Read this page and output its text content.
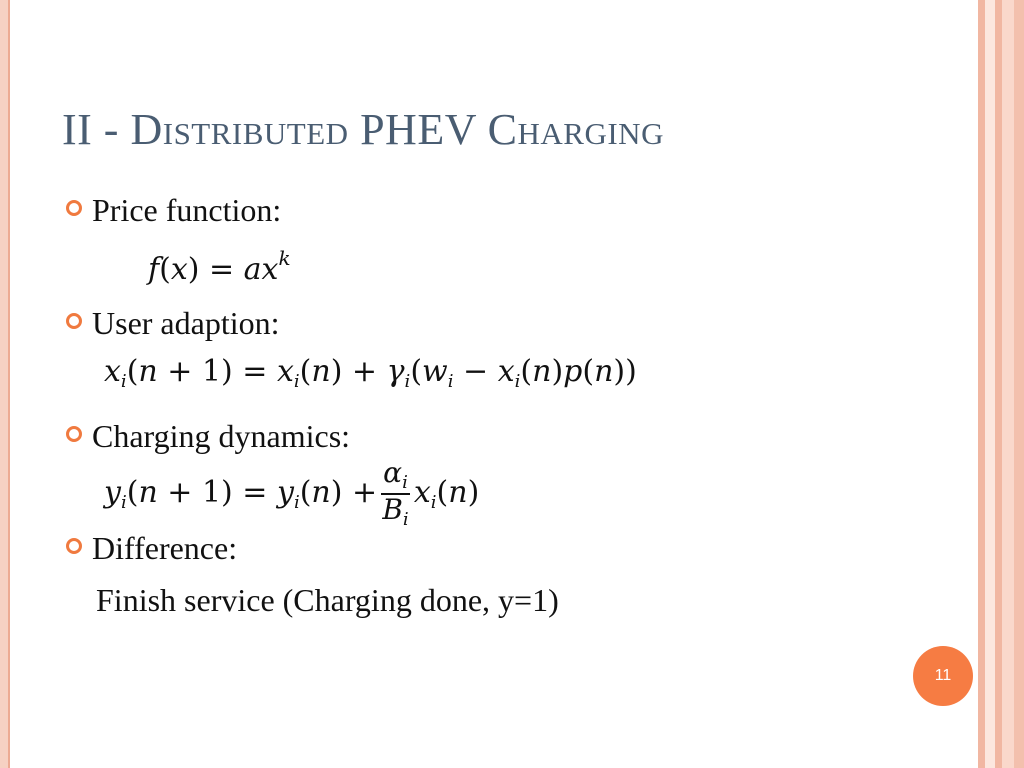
II - Distributed PHEV Charging
Price function:
$f(x) = ax^k$
User adaption:
$x_i(n + 1) = x_i(n) + \gamma_i(w_i - x_i(n)p(n))$
Charging dynamics:
$y_i(n + 1) = y_i(n) + \frac{\alpha_i}{B_i} x_i(n)$
Difference:
Finish service (Charging done, y=1)
11
